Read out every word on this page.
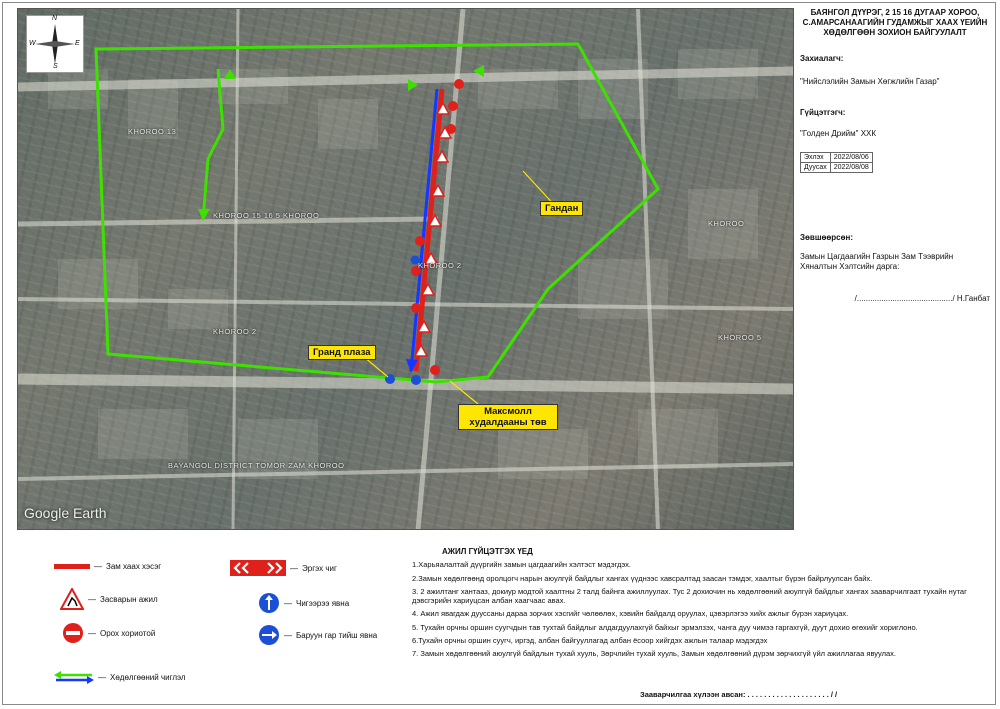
N
S
E
W
KHOROO 13
KHOROO 15 16 5 KHOROO
KHOROO 2
KHOROO
KHOROO 2
KHOROO 5
BAYANGOL DISTRICT TOMOR ZAM KHOROO
Гандан
Гранд плаза
Максмолл худалдааны төв
Google Earth
БАЯНГОЛ ДҮҮРЭГ, 2 15 16 ДУГААР ХОРОО,
С.АМАРСАНААГИЙН ГУДАМЖЫГ ХААХ ҮЕИЙН
ХӨДӨЛГӨӨН ЗОХИОН БАЙГУУЛАЛТ
Захиалагч:
"Нийслэлийн Замын Хөгжлийн Газар"
Гүйцэтгэгч:
"Голден Дрийм" ХХК
Эхлэх	2022/08/06
Дуусах	2022/08/08
Зөвшөөрсөн:
Замын Цагдаагийн Газрын Зам Тээврийн Хяналтын Хэлтсийн дарга:
/.........................................../ Н.Ганбат
— Зам хаах хэсэг
— Засварын ажил
— Орох хориотой
— Хөдөлгөөний чиглэл
— Эргэх чиг
— Чигээрээ явна
— Баруун гар тийш явна
АЖИЛ ГҮЙЦЭТГЭХ ҮЕД

1.Харьяалалтай дүүргийн замын цагдаагийн хэлтэст мэдэгдэх.

2.Замын хөдөлгөөнд оролцогч нарын аюулгүй байдлыг хангах үүднээс хавсралтад заасан тэмдэг, хаалтыг бүрэн байрлуулсан байх.

3. 2 ажилтанг хантааз, докиур модтой хаалтны 2 талд байнга ажиллуулах. Тус 2 дохиочин нь хөдөлгөөний аюулгүй байдлыг хангах зааварчилгаат тухайн нутаг дэвсгэрийн хариуцсан албан хаагчаас авах.

4. Ажил явагдаж дууссаны дараа зорчих хэсгийг чөлөөлөх, хэвийн байдалд оруулах, цэвэрлэгээ хийх ажлыг бүрэн хариуцах.

5. Тухайн орчны оршин суугчдын тав тухтай байдлыг алдагдуулахгүй байхыг эрмэлзэх, чанга дуу чимээ гаргахгүй, дуут дохио өгөхийг хориглоно.

6.Тухайн орчны оршин суугч, иргэд, албан байгууллагад албан ёсоор хийгдэх ажлын талаар мэдэгдэх

7. Замын хөдөлгөөний аюулгүй байдлын тухай хууль, Зөрчлийн тухай хууль, Замын хөдөлгөөний дүрэм зөрчихгүй үйл ажиллагаа явуулах.

Зааварчилгаа хүлээн авсан: . . . . . . . . . . . . . . . . . . . . / /
